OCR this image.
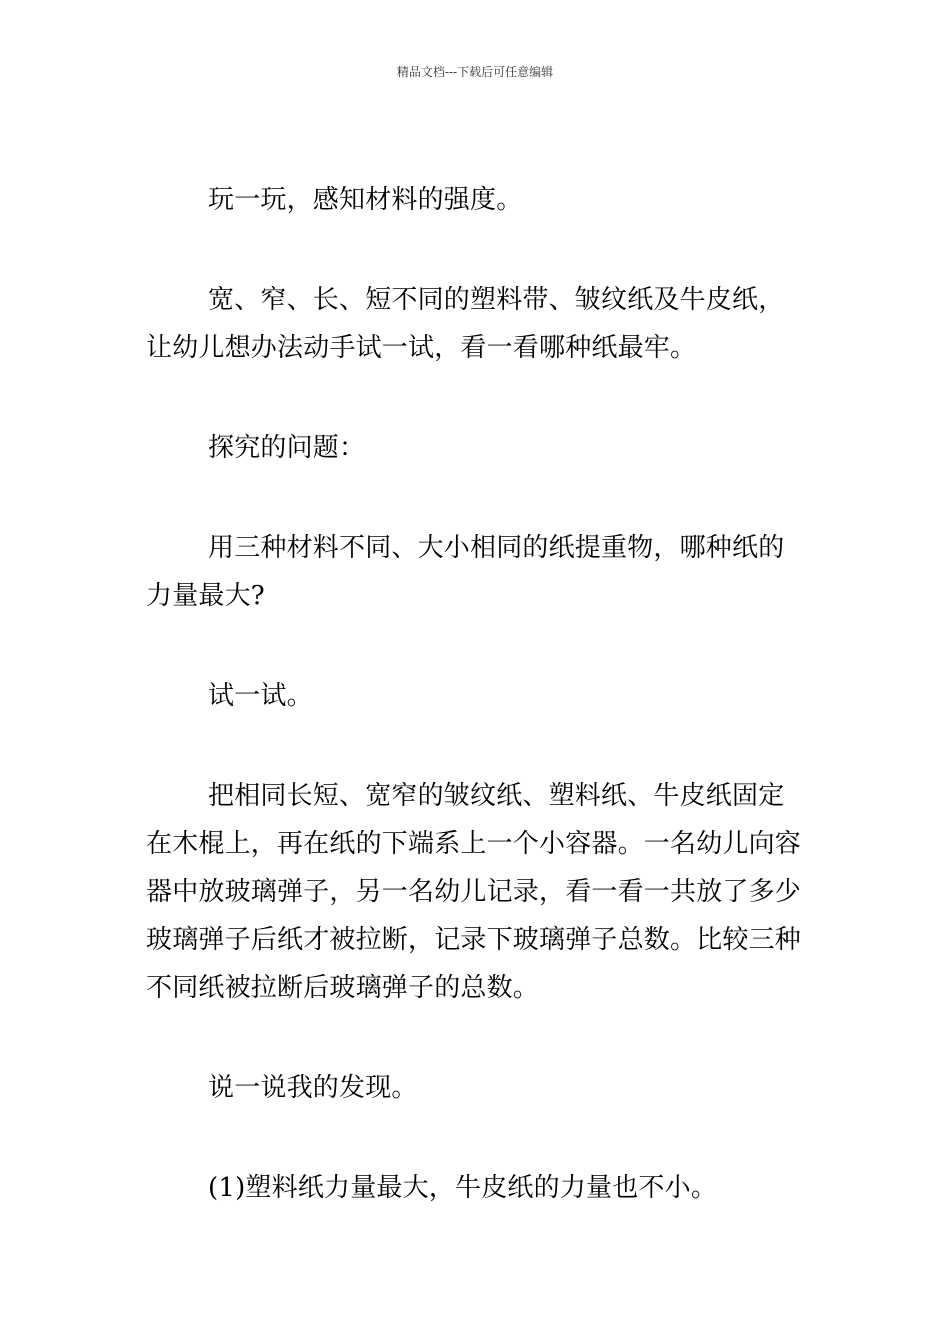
精品文档---下载后可任意编辑

玩一玩，感知材料的强度。

宽、窄、长、短不同的塑料带、皱纹纸及牛皮纸，让幼儿想办法动手试一试，看一看哪种纸最牢。

探究的问题：

用三种材料不同、大小相同的纸提重物，哪种纸的力量最大?

试一试。

把相同长短、宽窄的皱纹纸、塑料纸、牛皮纸固定在木棍上，再在纸的下端系上一个小容器。一名幼儿向容器中放玻璃弹子，另一名幼儿记录，看一看一共放了多少玻璃弹子后纸才被拉断，记录下玻璃弹子总数。比较三种不同纸被拉断后玻璃弹子的总数。

说一说我的发现。

(1)塑料纸力量最大，牛皮纸的力量也不小。
